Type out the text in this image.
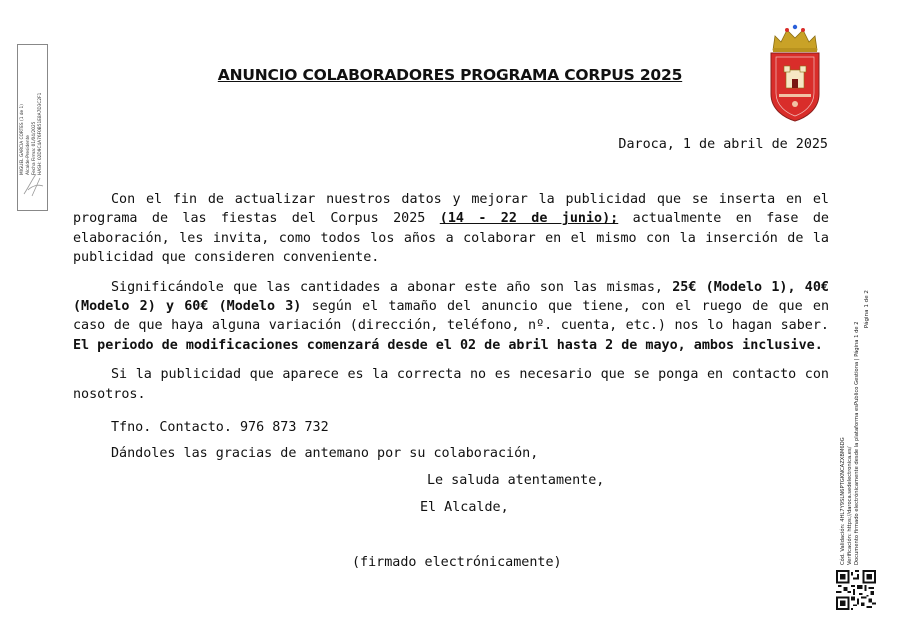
MIGUEL GARCIA CORTES (1 de 1) Alcalde-Presidente Fecha Firma: 01/04/2025 HASH: 02D9C4A76F0B51E8A7D3C2F1
ANUNCIO COLABORADORES PROGRAMA CORPUS 2025
Daroca, 1 de abril de 2025

Con el fin de actualizar nuestros datos y mejorar la publicidad que se inserta en el programa de las fiestas del Corpus 2025 (14 - 22 de junio); actualmente en fase de elaboración, les invita, como todos los años a colaborar en el mismo con la inserción de la publicidad que consideren conveniente.

Significándole que las cantidades a abonar este año son las mismas, 25€ (Modelo 1), 40€ (Modelo 2) y 60€ (Modelo 3) según el tamaño del anuncio que tiene, con el ruego de que en caso de que haya alguna variación (dirección, teléfono, nº. cuenta, etc.) nos lo hagan saber. El periodo de modificaciones comenzará desde el 02 de abril hasta 2 de mayo, ambos inclusive.

Si la publicidad que aparece es la correcta no es necesario que se ponga en contacto con nosotros.

Tfno. Contacto. 976 873 732
Dándoles las gracias de antemano por su colaboración,
Le saluda atentamente,
El Alcalde,
(firmado electrónicamente)	Cód. Validación: 4HL7Y9SLN6PTGKNCAZXBM6DG Verificación: https://daroca.sedelectronica.es/ Documento firmado electrónicamente desde la plataforma esPublico Gestiona | Página 1 de 2
Página 1 de 2
